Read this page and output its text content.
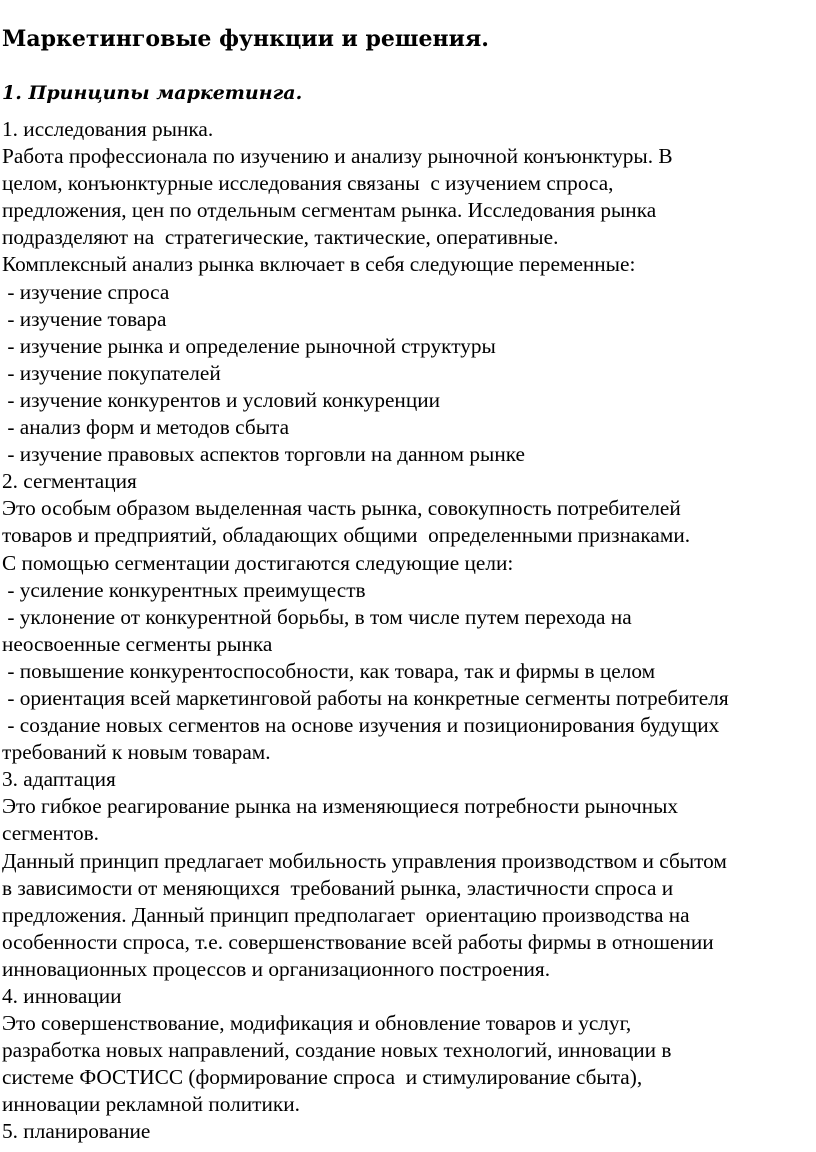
Маркетинговые функции и решения.
1. Принципы маркетинга.
1. исследования рынка.
Работа профессионала по изучению и анализу рыночной конъюнктуры. В
целом, конъюнктурные исследования связаны  с изучением спроса,
предложения, цен по отдельным сегментам рынка. Исследования рынка
подразделяют на  стратегические, тактические, оперативные.
Комплексный анализ рынка включает в себя следующие переменные:
- изучение спроса
- изучение товара
- изучение рынка и определение рыночной структуры
- изучение покупателей
- изучение конкурентов и условий конкуренции
- анализ форм и методов сбыта
- изучение правовых аспектов торговли на данном рынке
2. сегментация
Это особым образом выделенная часть рынка, совокупность потребителей
товаров и предприятий, обладающих общими  определенными признаками.
С помощью сегментации достигаются следующие цели:
- усиление конкурентных преимуществ
- уклонение от конкурентной борьбы, в том числе путем перехода на
неосвоенные сегменты рынка
- повышение конкурентоспособности, как товара, так и фирмы в целом
- ориентация всей маркетинговой работы на конкретные сегменты потребителя
- создание новых сегментов на основе изучения и позиционирования будущих
требований к новым товарам.
3. адаптация
Это гибкое реагирование рынка на изменяющиеся потребности рыночных
сегментов.
Данный принцип предлагает мобильность управления производством и сбытом
в зависимости от меняющихся  требований рынка, эластичности спроса и
предложения. Данный принцип предполагает  ориентацию производства на
особенности спроса, т.е. совершенствование всей работы фирмы в отношении
инновационных процессов и организационного построения.
4. инновации
Это совершенствование, модификация и обновление товаров и услуг,
разработка новых направлений, создание новых технологий, инновации в
системе ФОСТИСС (формирование спроса  и стимулирование сбыта),
инновации рекламной политики.
5. планирование
